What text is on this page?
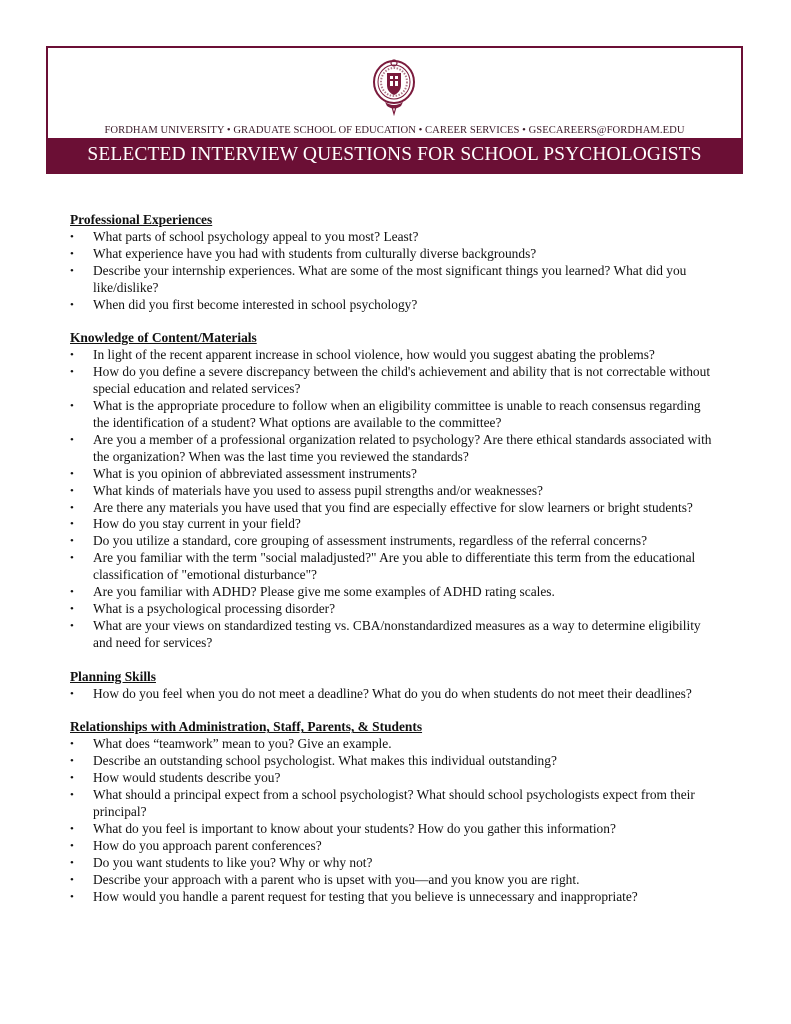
FORDHAM UNIVERSITY • GRADUATE SCHOOL OF EDUCATION • CAREER SERVICES • GSECAREERS@FORDHAM.EDU
SELECTED INTERVIEW QUESTIONS FOR SCHOOL PSYCHOLOGISTS
Professional Experiences
•	What parts of school psychology appeal to you most? Least?
•	What experience have you had with students from culturally diverse backgrounds?
•	Describe your internship experiences. What are some of the most significant things you learned? What did you like/dislike?
•	When did you first become interested in school psychology?
Knowledge of Content/Materials
•	In light of the recent apparent increase in school violence, how would you suggest abating the problems?
•	How do you define a severe discrepancy between the child's achievement and ability that is not correctable without special education and related services?
•	What is the appropriate procedure to follow when an eligibility committee is unable to reach consensus regarding the identification of a student? What options are available to the committee?
•	Are you a member of a professional organization related to psychology? Are there ethical standards associated with the organization? When was the last time you reviewed the standards?
•	What is you opinion of abbreviated assessment instruments?
•	What kinds of materials have you used to assess pupil strengths and/or weaknesses?
•	Are there any materials you have used that you find are especially effective for slow learners or bright students?
•	How do you stay current in your field?
•	Do you utilize a standard, core grouping of assessment instruments, regardless of the referral concerns?
•	Are you familiar with the term "social maladjusted?" Are you able to differentiate this term from the educational classification of "emotional disturbance"?
•	Are you familiar with ADHD? Please give me some examples of ADHD rating scales.
•	What is a psychological processing disorder?
•	What are your views on standardized testing vs. CBA/nonstandardized measures as a way to determine eligibility and need for services?
Planning Skills
•	How do you feel when you do not meet a deadline? What do you do when students do not meet their deadlines?
Relationships with Administration, Staff, Parents, & Students
•	What does “teamwork” mean to you? Give an example.
•	Describe an outstanding school psychologist. What makes this individual outstanding?
•	How would students describe you?
•	What should a principal expect from a school psychologist? What should school psychologists expect from their principal?
•	What do you feel is important to know about your students? How do you gather this information?
•	How do you approach parent conferences?
•	Do you want students to like you? Why or why not?
•	Describe your approach with a parent who is upset with you—and you know you are right.
•	How would you handle a parent request for testing that you believe is unnecessary and inappropriate?
